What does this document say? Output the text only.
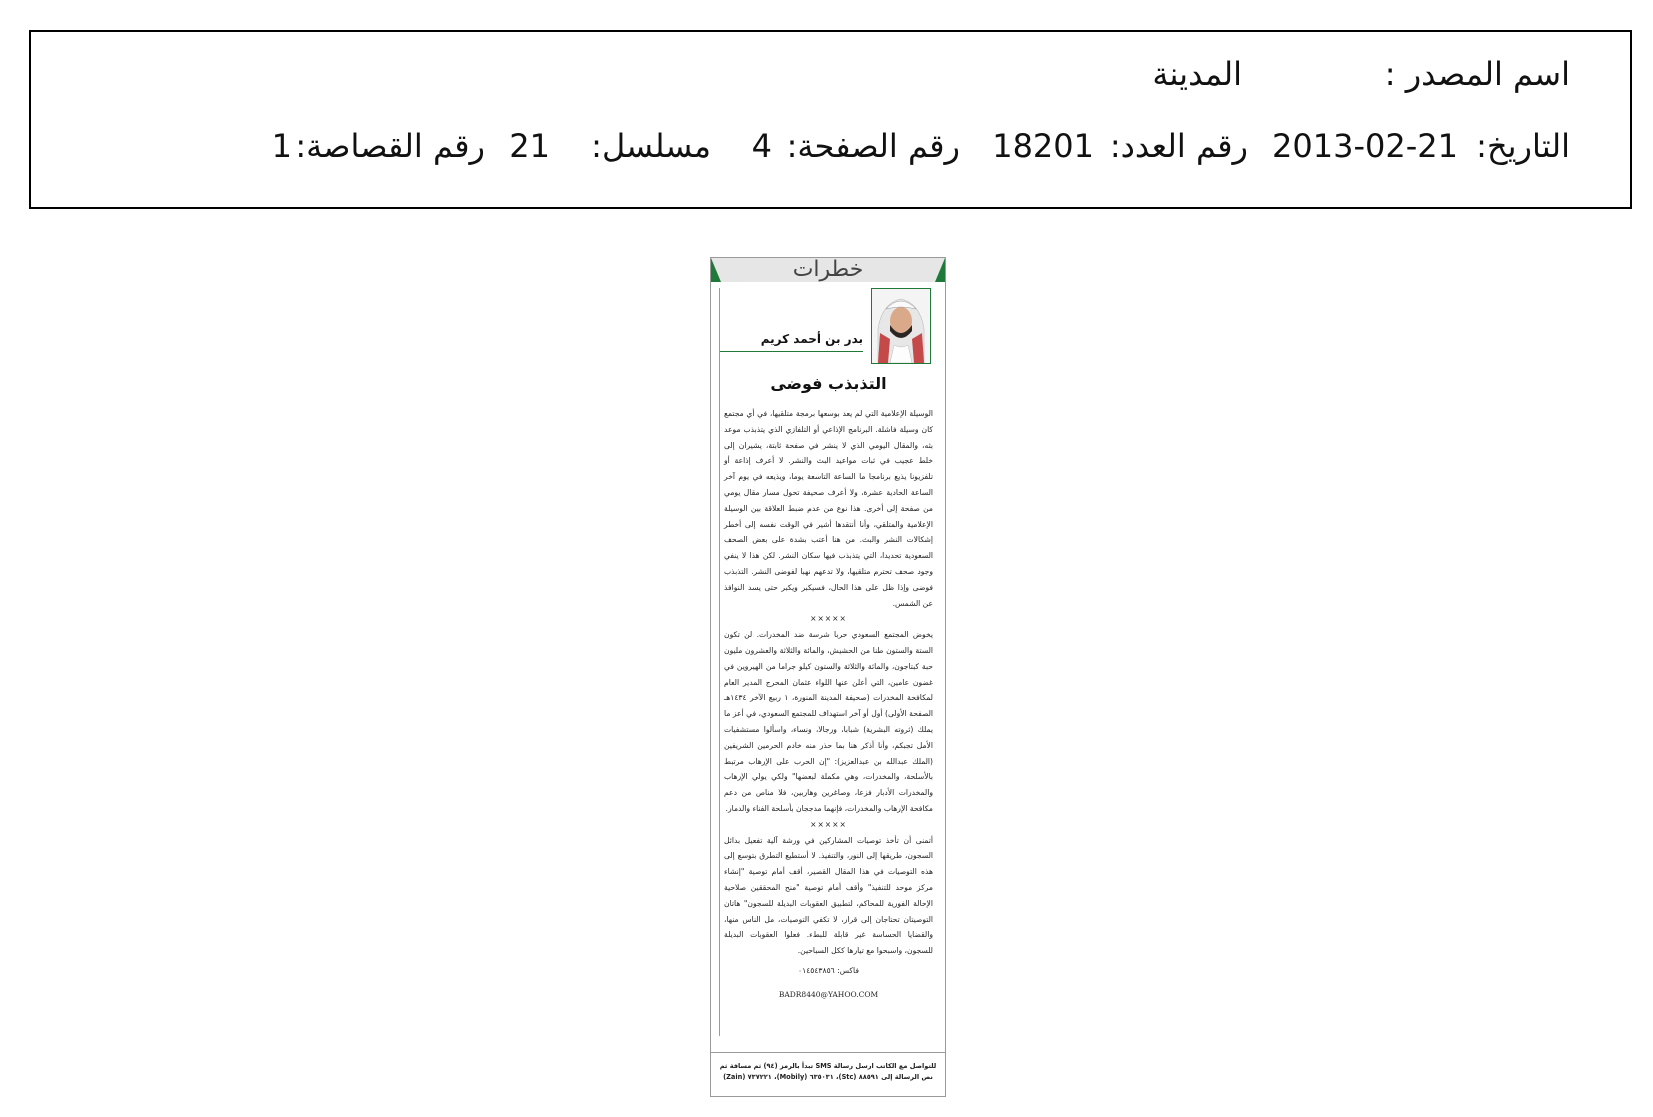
اسم المصدر :
المدينة
التاريخ:
2013-02-21
رقم العدد:
18201
رقم الصفحة:
4
مسلسل:
21
رقم القصاصة:
1
خطرات
بدر بن أحمد كريم
التذبذب فوضى

الوسيلة الإعلامية التي لم يعد بوسعها برمجة متلقيها، في أي مجتمع كان وسيلة فاشلة. البرنامج الإذاعي أو التلفازي الذي يتذبذب موعد بثه، والمقال اليومي الذي لا ينشر في صفحة ثابتة، يشيران إلى خلط عجيب في ثبات مواعيد البث والنشر. لا أعرف إذاعة أو تلفزيونا يذيع برنامجا ما الساعة التاسعة يوما، ويذيعه في يوم آخر الساعة الحادية عشرة، ولا أعرف صحيفة تحول مسار مقال يومي من صفحة إلى أخرى. هذا نوع من عدم ضبط العلاقة بين الوسيلة الإعلامية والمتلقي، وأنا أنتقدها أشير في الوقت نفسه إلى أخطر إشكالات النشر والبث. من هنا أعتب بشدة على بعض الصحف السعودية تحديدا، التي يتذبذب فيها سكان النشر. لكن هذا لا ينفي وجود صحف تحترم متلقيها، ولا تدعهم نهبا لفوضى النشر. التذبذب فوضى وإذا ظل على هذا الحال، فسيكبر ويكبر حتى يسد النوافذ عن الشمس.

×××××

يخوض المجتمع السعودي حربا شرسة ضد المخدرات. لن تكون الستة والستون طنا من الحشيش، والمائة والثلاثة والعشرون مليون حبة كبتاجون، والمائة والثلاثة والستون كيلو جراما من الهيروين في غضون عامين، التي أعلن عنها اللواء عثمان المحرج المدير العام لمكافحة المخدرات (صحيفة المدينة المنورة، ١ ربيع الآخر ١٤٣٤هـ الصفحة الأولى) أول أو آخر استهداف للمجتمع السعودي، في أعز ما يملك (ثروته البشرية) شبابا، ورجالا، ونساء، واسألوا مستشفيات الأمل تجبكم، وأنا أذكر هنا بما حذر منه خادم الحرمين الشريفين (الملك عبدالله بن عبدالعزيز): "إن الحرب على الإرهاب مرتبط بالأسلحة، والمخدرات، وهي مكملة لبعضها" ولكي يولي الإرهاب والمخدرات الأدبار فزعا، وصاغرين وهاربين، فلا مناص من دعم مكافحة الإرهاب والمخدرات، فإنهما مدججان بأسلحة الفناء والدمار.

×××××

أتمنى أن تأخذ توصيات المشاركين في ورشة آلية تفعيل بدائل السجون، طريقها إلى النور، والتنفيذ. لا أستطيع التطرق بتوسع إلى هذه التوصيات في هذا المقال القصير، أقف أمام توصية "إنشاء مركز موحد للتنفيذ" وأقف أمام توصية "منح المحققين صلاحية الإحالة الفورية للمحاكم، لتطبيق العقوبات البديلة للسجون" هاتان التوصيتان تحتاجان إلى قرار، لا تكفي التوصيات، مل الناس منها، والقضايا الحساسة غير قابلة للبطء. فعلوا العقوبات البديلة للسجون، واسبحوا مع تيارها ككل السباحين.

فاكس: ٠١٤٥٤٣٨٥٦

BADR8440@YAHOO.COM

للتواصل مع الكاتب ارسل رسالة SMS تبدأ بالرمز (٩٤) ثم مسافة ثم نص الرسالة إلى ٨٨٥٩١ (Stc)، ٦٣٥٠٣١ (Mobily)، ٧٣٧٢٢١ (Zain)
